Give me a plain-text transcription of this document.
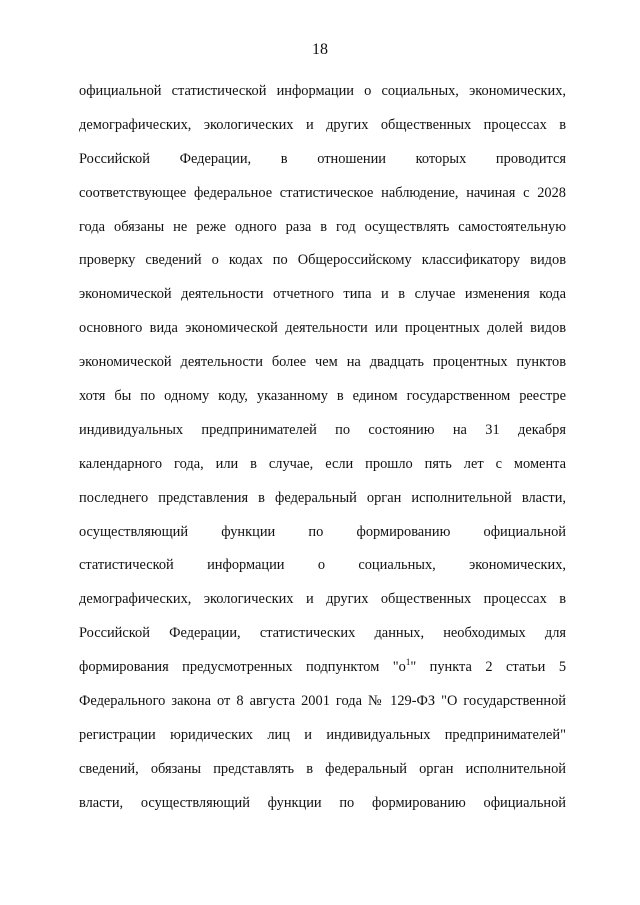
18
официальной статистической информации о социальных, экономических,
демографических, экологических и других общественных процессах в
Российской Федерации, в отношении которых проводится
соответствующее федеральное статистическое наблюдение, начиная с 2028
года обязаны не реже одного раза в год осуществлять самостоятельную
проверку сведений о кодах по Общероссийскому классификатору видов
экономической деятельности отчетного типа и в случае изменения кода
основного вида экономической деятельности или процентных долей видов
экономической деятельности более чем на двадцать процентных пунктов
хотя бы по одному коду, указанному в едином государственном реестре
индивидуальных предпринимателей по состоянию на 31 декабря
календарного года, или в случае, если прошло пять лет с момента
последнего представления в федеральный орган исполнительной власти,
осуществляющий функции по формированию официальной
статистической информации о социальных, экономических,
демографических, экологических и других общественных процессах в
Российской Федерации, статистических данных, необходимых для
формирования предусмотренных подпунктом "$о^1$" пункта 2 статьи 5
Федерального закона от 8 августа 2001 года № 129-ФЗ "О государственной
регистрации юридических лиц и индивидуальных предпринимателей"
сведений, обязаны представлять в федеральный орган исполнительной
власти, осуществляющий функции по формированию официальной
